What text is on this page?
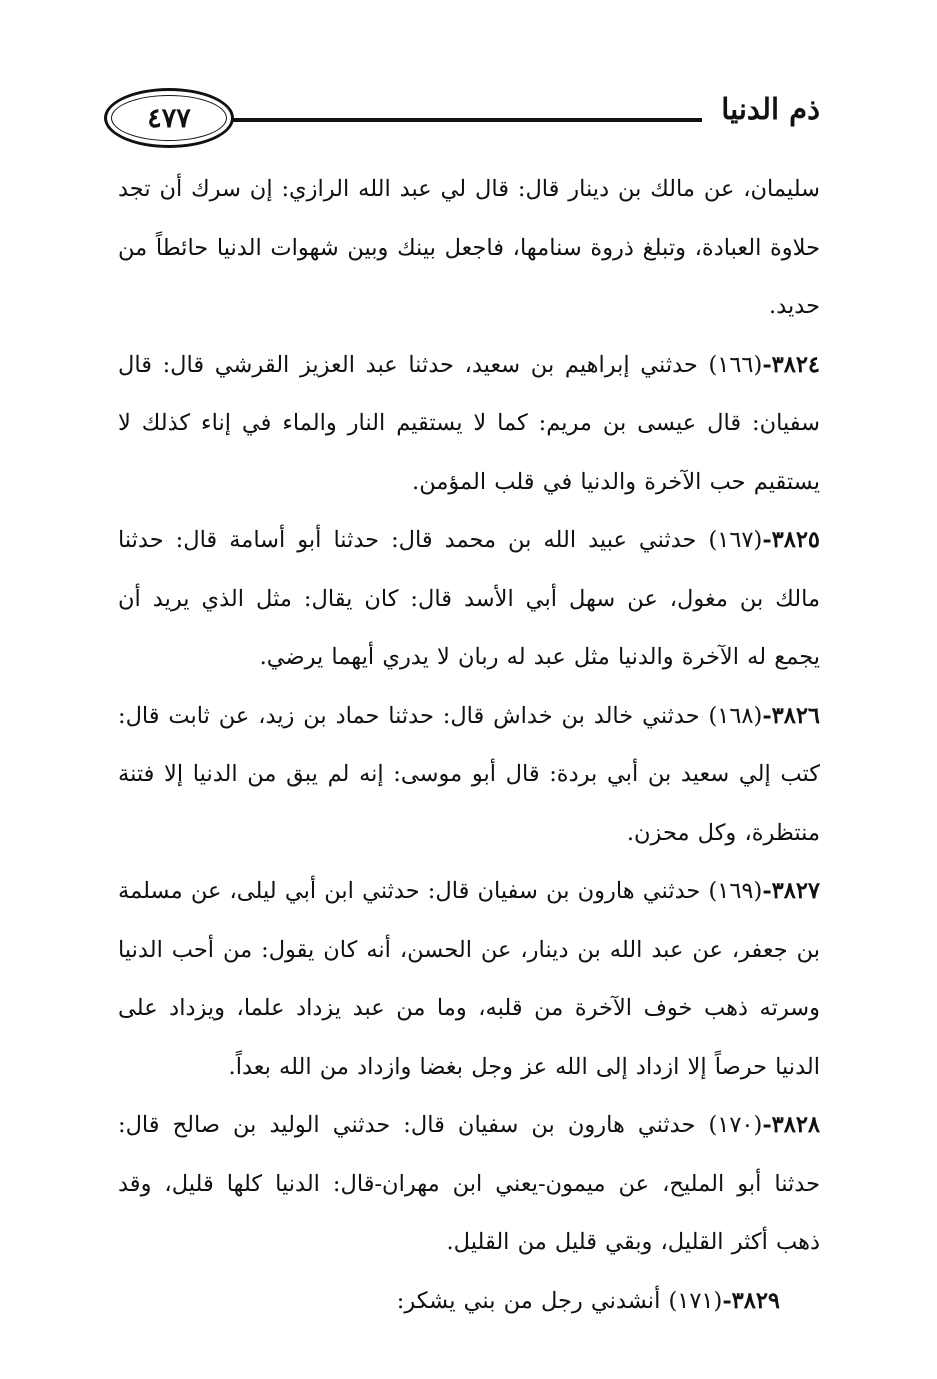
ذم الدنيا
٤٧٧

سليمان، عن مالك بن دينار قال: قال لي عبد الله الرازي: إن سرك أن تجد حلاوة العبادة، وتبلغ ذروة سنامها، فاجعل بينك وبين شهوات الدنيا حائطاً من حديد.

٣٨٢٤-(١٦٦) حدثني إبراهيم بن سعيد، حدثنا عبد العزيز القرشي قال: قال سفيان: قال عيسى بن مريم: كما لا يستقيم النار والماء في إناء كذلك لا يستقيم حب الآخرة والدنيا في قلب المؤمن.

٣٨٢٥-(١٦٧) حدثني عبيد الله بن محمد قال: حدثنا أبو أسامة قال: حدثنا مالك بن مغول، عن سهل أبي الأسد قال: كان يقال: مثل الذي يريد أن يجمع له الآخرة والدنيا مثل عبد له ربان لا يدري أيهما يرضي.

٣٨٢٦-(١٦٨) حدثني خالد بن خداش قال: حدثنا حماد بن زيد، عن ثابت قال: كتب إلي سعيد بن أبي بردة: قال أبو موسى: إنه لم يبق من الدنيا إلا فتنة منتظرة، وكل محزن.

٣٨٢٧-(١٦٩) حدثني هارون بن سفيان قال: حدثني ابن أبي ليلى، عن مسلمة بن جعفر، عن عبد الله بن دينار، عن الحسن، أنه كان يقول: من أحب الدنيا وسرته ذهب خوف الآخرة من قلبه، وما من عبد يزداد علما، ويزداد على الدنيا حرصاً إلا ازداد إلى الله عز وجل بغضا وازداد من الله بعداً.

٣٨٢٨-(١٧٠) حدثني هارون بن سفيان قال: حدثني الوليد بن صالح قال: حدثنا أبو المليح، عن ميمون-يعني ابن مهران-قال: الدنيا كلها قليل، وقد ذهب أكثر القليل، وبقي قليل من القليل.

٣٨٢٩-(١٧١) أنشدني رجل من بني يشكر:
